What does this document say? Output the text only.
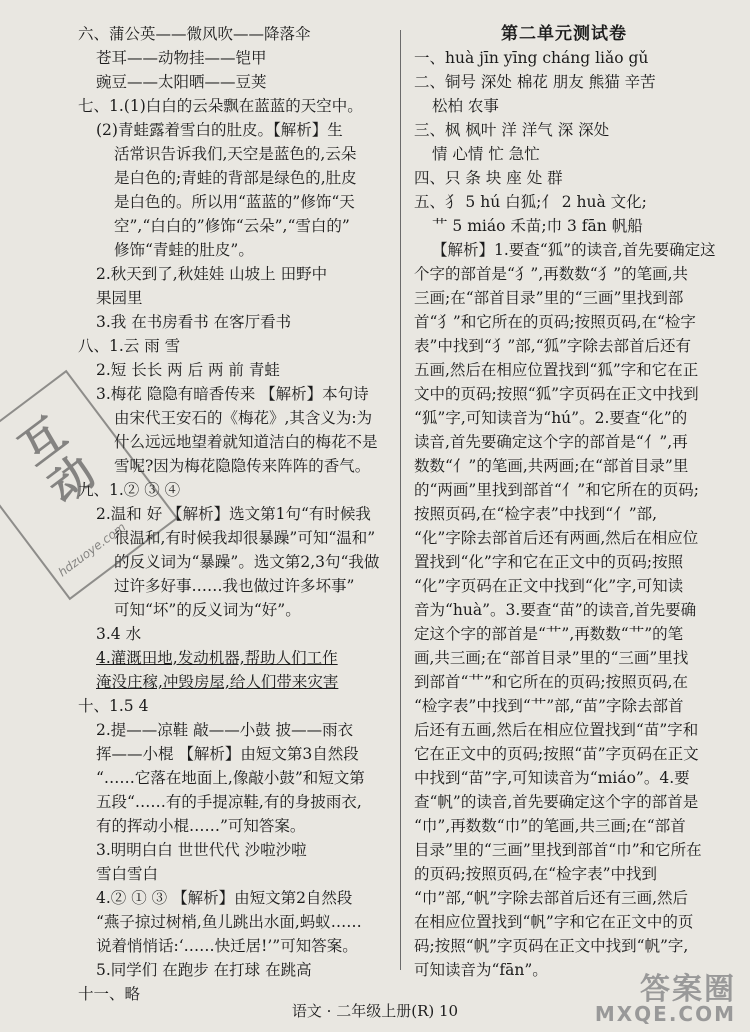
六、蒲公英——微风吹——降落伞
苍耳——动物挂——铠甲
豌豆——太阳晒——豆荚
七、1.(1)白白的云朵飘在蓝蓝的天空中。
(2)青蛙露着雪白的肚皮。【解析】生
活常识告诉我们,天空是蓝色的,云朵
是白色的;青蛙的背部是绿色的,肚皮
是白色的。所以用“蓝蓝的”修饰“天
空”,“白白的”修饰“云朵”,“雪白的”
修饰“青蛙的肚皮”。
2.秋天到了,秋娃娃 山坡上 田野中
果园里
3.我 在书房看书 在客厅看书
八、1.云 雨 雪
2.短 长长 两 后 两 前 青蛙
3.梅花 隐隐有暗香传来 【解析】本句诗
由宋代王安石的《梅花》,其含义为:为
什么远远地望着就知道洁白的梅花不是
雪呢?因为梅花隐隐传来阵阵的香气。
九、1.② ③ ④
2.温和 好 【解析】选文第1句“有时候我
很温和,有时候我却很暴躁”可知“温和”
的反义词为“暴躁”。选文第2,3句“我做
过许多好事……我也做过许多坏事”
可知“坏”的反义词为“好”。
3.4 水
4.灌溉田地,发动机器,帮助人们工作
淹没庄稼,冲毁房屋,给人们带来灾害
十、1.5 4
2.提——凉鞋 敲——小鼓 披——雨衣
挥——小棍 【解析】由短文第3自然段
“……它落在地面上,像敲小鼓”和短文第
五段“……有的手提凉鞋,有的身披雨衣,
有的挥动小棍……”可知答案。
3.明明白白 世世代代 沙啦沙啦
雪白雪白
4.② ① ③ 【解析】由短文第2自然段
“燕子掠过树梢,鱼儿跳出水面,蚂蚁……
说着悄悄话:‘……快迁居!’”可知答案。
5.同学们 在跑步 在打球 在跳高
十一、略
第二单元测试卷
一、huà jīn yīng cháng liǎo gǔ
二、铜号 深处 棉花 朋友 熊猫 辛苦
松柏 农事
三、枫 枫叶 洋 洋气 深 深处
情 心情 忙 急忙
四、只 条 块 座 处 群
五、犭 5 hú 白狐;亻 2 huà 文化;
艹 5 miáo 禾苗;巾 3 fān 帆船
【解析】1.要查“狐”的读音,首先要确定这
个字的部首是“犭”,再数数“犭”的笔画,共
三画;在“部首目录”里的“三画”里找到部
首“犭”和它所在的页码;按照页码,在“检字
表”中找到“犭”部,“狐”字除去部首后还有
五画,然后在相应位置找到“狐”字和它在正
文中的页码;按照“狐”字页码在正文中找到
“狐”字,可知读音为“hú”。2.要查“化”的
读音,首先要确定这个字的部首是“亻”,再
数数“亻”的笔画,共两画;在“部首目录”里
的“两画”里找到部首“亻”和它所在的页码;
按照页码,在“检字表”中找到“亻”部,
“化”字除去部首后还有两画,然后在相应位
置找到“化”字和它在正文中的页码;按照
“化”字页码在正文中找到“化”字,可知读
音为“huà”。3.要查“苗”的读音,首先要确
定这个字的部首是“艹”,再数数“艹”的笔
画,共三画;在“部首目录”里的“三画”里找
到部首“艹”和它所在的页码;按照页码,在
“检字表”中找到“艹”部,“苗”字除去部首
后还有五画,然后在相应位置找到“苗”字和
它在正文中的页码;按照“苗”字页码在正文
中找到“苗”字,可知读音为“miáo”。4.要
查“帆”的读音,首先要确定这个字的部首是
“巾”,再数数“巾”的笔画,共三画;在“部首
目录”里的“三画”里找到部首“巾”和它所在
的页码;按照页码,在“检字表”中找到
“巾”部,“帆”字除去部首后还有三画,然后
在相应位置找到“帆”字和它在正文中的页
码;按照“帆”字页码在正文中找到“帆”字,
可知读音为“fān”。
互动
hdzuoye.com
语文 · 二年级上册(R) 10
答案圈
MXQE.COM
